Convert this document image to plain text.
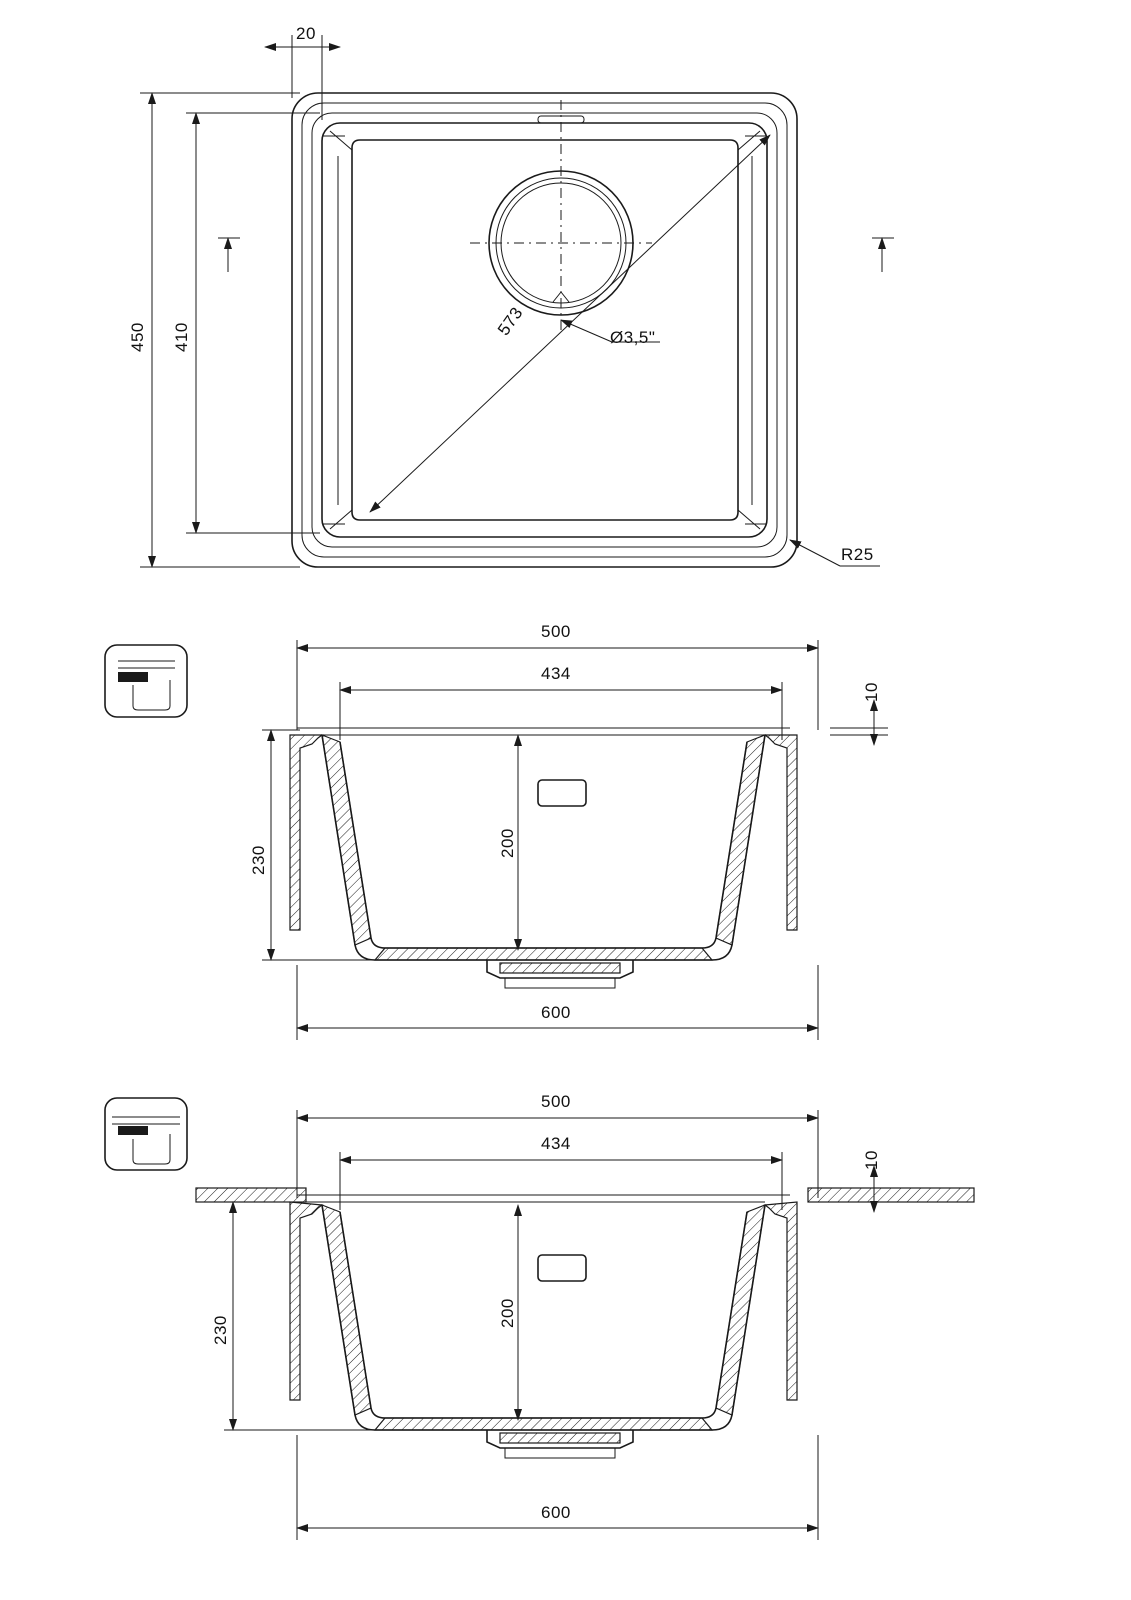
20
450 410	573	Ø3,5"
R25
500
434
10
230
200
600
500
434
10
230
200
600
